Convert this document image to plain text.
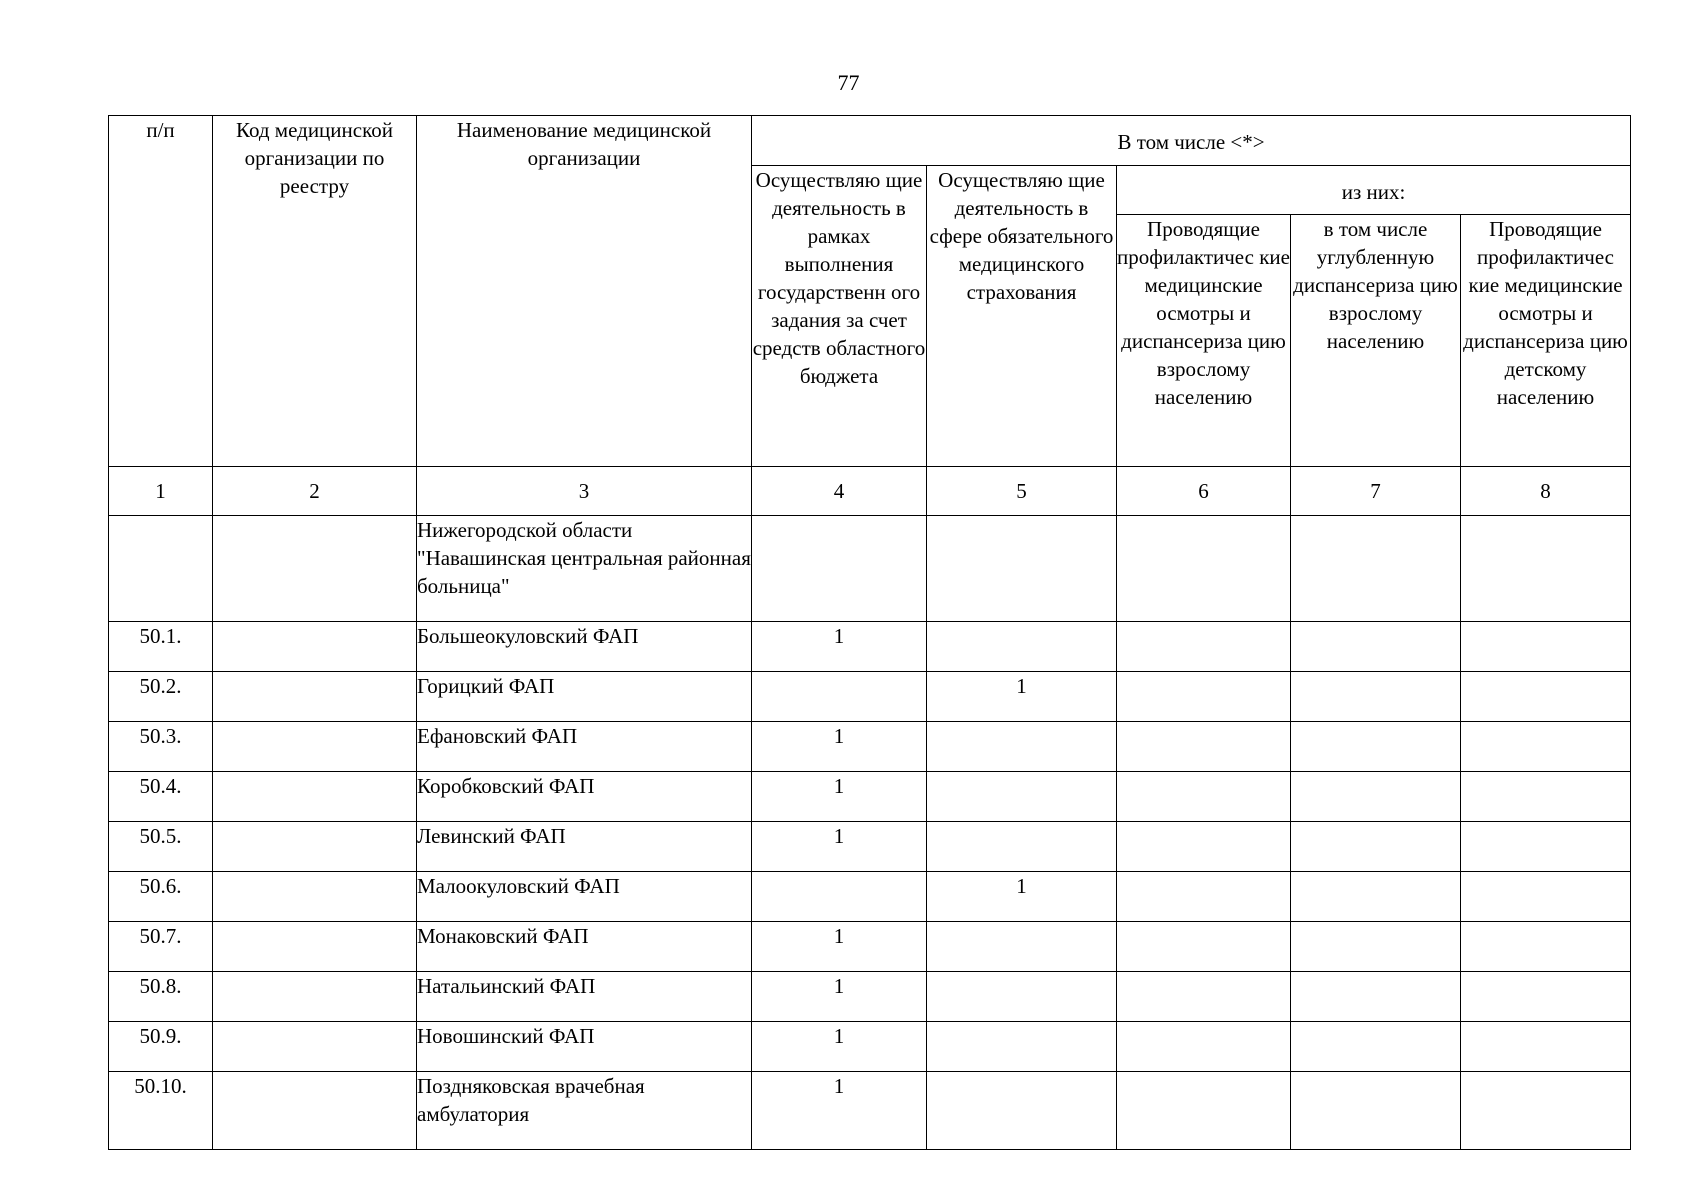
77
п/п	Код медицинской организации по реестру	Наименование медицинской организации	В том числе <*>				
			Осуществляю щие деятельность в рамках выполнения государственн ого задания за счет средств областного бюджета	Осуществляю щие деятельность в сфере обязательного медицинского страхования	из них:		
					Проводящие профилактичес кие медицинские осмотры и диспансериза цию взрослому населению	в том числе углубленную диспансериза цию взрослому населению	Проводящие профилактичес кие медицинские осмотры и диспансериза цию детскому населению
1	2	3	4	5	6	7	8
		Нижегородской области "Навашинская центральная районная больница"					
50.1.		Большеокуловский ФАП	1				
50.2.		Горицкий ФАП		1			
50.3.		Ефановский ФАП	1				
50.4.		Коробковский ФАП	1				
50.5.		Левинский ФАП	1				
50.6.		Малоокуловский ФАП		1			
50.7.		Монаковский ФАП	1				
50.8.		Натальинский ФАП	1				
50.9.		Новошинский ФАП	1				
50.10.		Поздняковская врачебная амбулатория	1				
